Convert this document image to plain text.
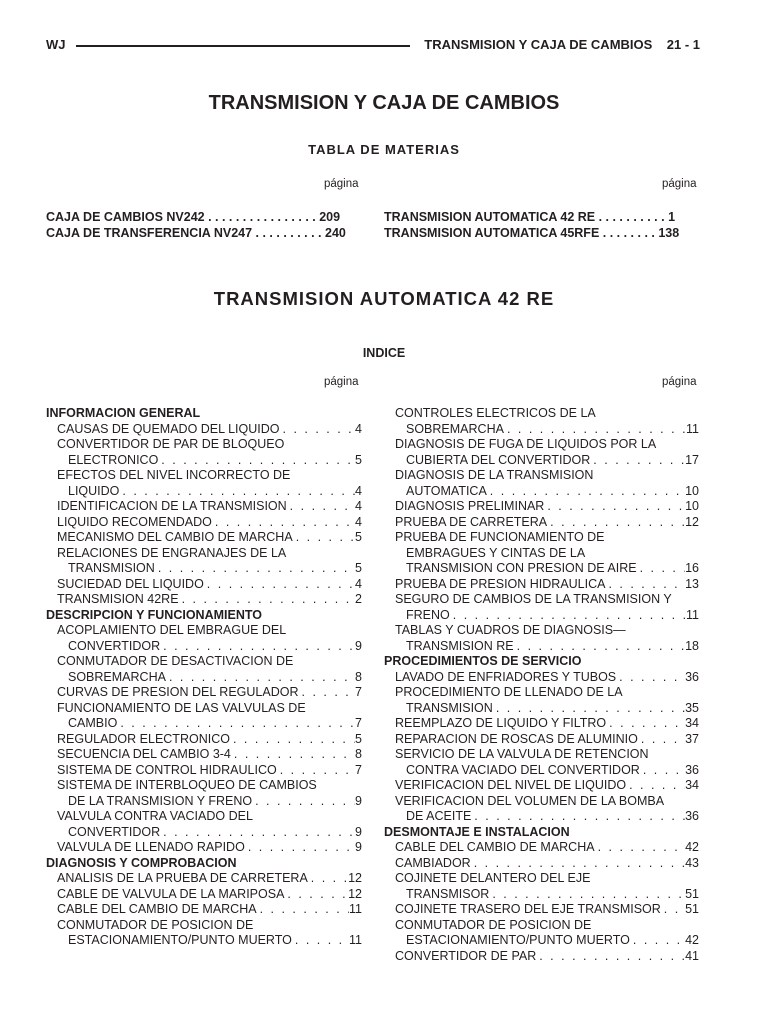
WJ	TRANSMISION Y CAJA DE CAMBIOS    21 - 1
TRANSMISION Y CAJA DE CAMBIOS
TABLA DE MATERIAS
página	página
CAJA DE CAMBIOS NV242 . . . . . . . . . . . . . . . . 209
CAJA DE TRANSFERENCIA NV247 . . . . . . . . . . 240
TRANSMISION AUTOMATICA 42 RE . . . . . . . . . . 1
TRANSMISION AUTOMATICA 45RFE . . . . . . . . 138
TRANSMISION AUTOMATICA 42 RE
INDICE
página	página
INFORMACION GENERAL
CAUSAS DE QUEMADO DEL LIQUIDO . . .	4
CONVERTIDOR DE PAR DE BLOQUEO
ELECTRONICO . . .	5
EFECTOS DEL NIVEL INCORRECTO DE
LIQUIDO . . .	4
IDENTIFICACION DE LA TRANSMISION . . .	4
LIQUIDO RECOMENDADO . . .	4
MECANISMO DEL CAMBIO DE MARCHA . . .	5
RELACIONES DE ENGRANAJES DE LA
TRANSMISION . . .	5
SUCIEDAD DEL LIQUIDO . . .	4
TRANSMISION 42RE . . .	2
DESCRIPCION Y FUNCIONAMIENTO
ACOPLAMIENTO DEL EMBRAGUE DEL
CONVERTIDOR . . .	9
CONMUTADOR DE DESACTIVACION DE
SOBREMARCHA . . .	8
CURVAS DE PRESION DEL REGULADOR . . .	7
FUNCIONAMIENTO DE LAS VALVULAS DE
CAMBIO . . .	7
REGULADOR ELECTRONICO . . .	5
SECUENCIA DEL CAMBIO 3-4 . . .	8
SISTEMA DE CONTROL HIDRAULICO . . .	7
SISTEMA DE INTERBLOQUEO DE CAMBIOS
DE LA TRANSMISION Y FRENO . . .	9
VALVULA CONTRA VACIADO DEL
CONVERTIDOR . . .	9
VALVULA DE LLENADO RAPIDO . . .	9
DIAGNOSIS Y COMPROBACION
ANALISIS DE LA PRUEBA DE CARRETERA . . .	12
CABLE DE VALVULA DE LA MARIPOSA . . .	12
CABLE DEL CAMBIO DE MARCHA . . .	11
CONMUTADOR DE POSICION DE
ESTACIONAMIENTO/PUNTO MUERTO . . .	11
CONTROLES ELECTRICOS DE LA
SOBREMARCHA . . .	11
DIAGNOSIS DE FUGA DE LIQUIDOS POR LA
CUBIERTA DEL CONVERTIDOR . . .	17
DIAGNOSIS DE LA TRANSMISION
AUTOMATICA . . .	10
DIAGNOSIS PRELIMINAR . . .	10
PRUEBA DE CARRETERA . . .	12
PRUEBA DE FUNCIONAMIENTO DE
EMBRAGUES Y CINTAS DE LA
TRANSMISION CON PRESION DE AIRE . . .	16
PRUEBA DE PRESION HIDRAULICA . . .	13
SEGURO DE CAMBIOS DE LA TRANSMISION Y
FRENO . . .	11
TABLAS Y CUADROS DE DIAGNOSIS—
TRANSMISION RE . . .	18
PROCEDIMIENTOS DE SERVICIO
LAVADO DE ENFRIADORES Y TUBOS . . .	36
PROCEDIMIENTO DE LLENADO DE LA
TRANSMISION . . .	35
REEMPLAZO DE LIQUIDO Y FILTRO . . .	34
REPARACION DE ROSCAS DE ALUMINIO . . .	37
SERVICIO DE LA VALVULA DE RETENCION
CONTRA VACIADO DEL CONVERTIDOR . . .	36
VERIFICACION DEL NIVEL DE LIQUIDO . . .	34
VERIFICACION DEL VOLUMEN DE LA BOMBA
DE ACEITE . . .	36
DESMONTAJE E INSTALACION
CABLE DEL CAMBIO DE MARCHA . . .	42
CAMBIADOR . . .	43
COJINETE DELANTERO DEL EJE
TRANSMISOR . . .	51
COJINETE TRASERO DEL EJE TRANSMISOR . . . 51
CONMUTADOR DE POSICION DE
ESTACIONAMIENTO/PUNTO MUERTO . . .	42
CONVERTIDOR DE PAR . . .	41
